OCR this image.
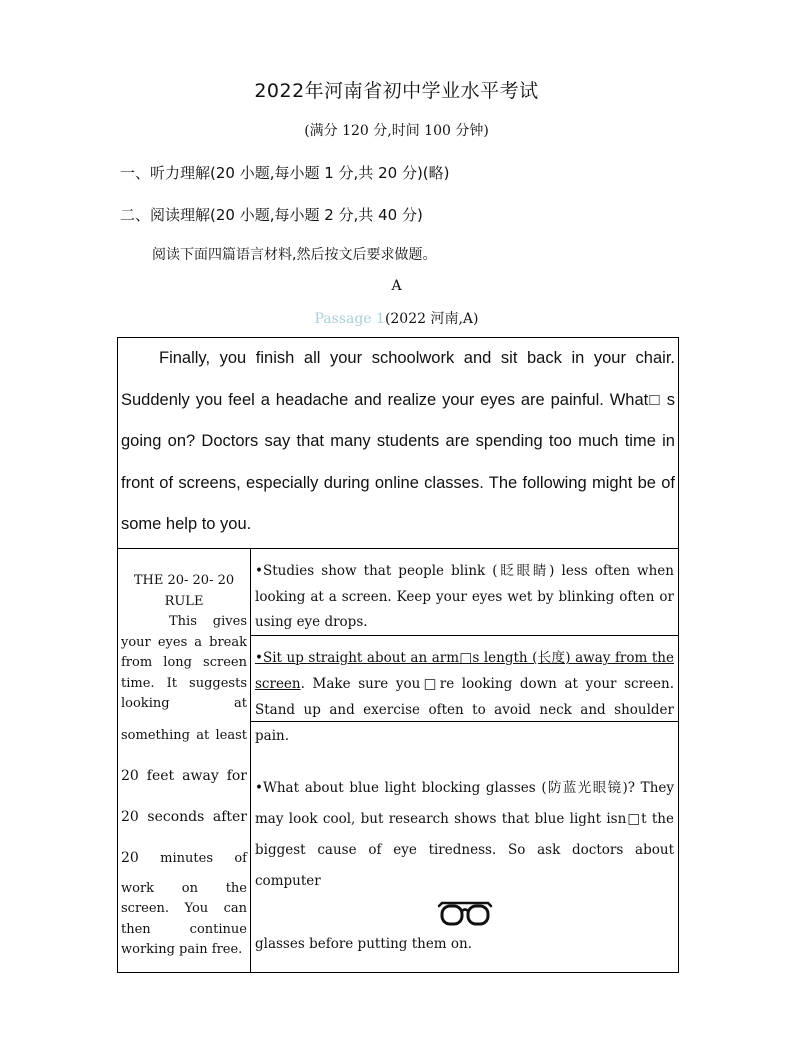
2022年河南省初中学业水平考试
(满分 120 分,时间 100 分钟)
一、听力理解(20 小题,每小题 1 分,共 20 分)(略)
二、阅读理解(20 小题,每小题 2 分,共 40 分)
阅读下面四篇语言材料,然后按文后要求做题。
A
Passage 1(2022 河南,A)

Finally, you finish all your schoolwork and sit back in your chair. Suddenly you feel a headache and realize your eyes are painful. What□ s going on? Doctors say that many students are spending too much time in front of screens, especially during online classes. The following might be of some help to you.

THE 20- 20- 20
RULE
This gives your eyes a break from long screen time. It suggests looking at something at least 20 feet away for 20 seconds after 20 minutes of work on the screen. You can then continue working pain free.
•Studies show that people blink (眨眼睛) less often when looking at a screen. Keep your eyes wet by blinking often or using eye drops.
•Sit up straight about an arm□s length (长度) away from the screen. Make sure you□re looking down at your screen. Stand up and exercise often to avoid neck and shoulder pain.
•What about blue light blocking glasses (防蓝光眼镜)? They may look cool, but research shows that blue light isn□t the biggest cause of eye tiredness. So ask doctors about computer
glasses before putting them on.
